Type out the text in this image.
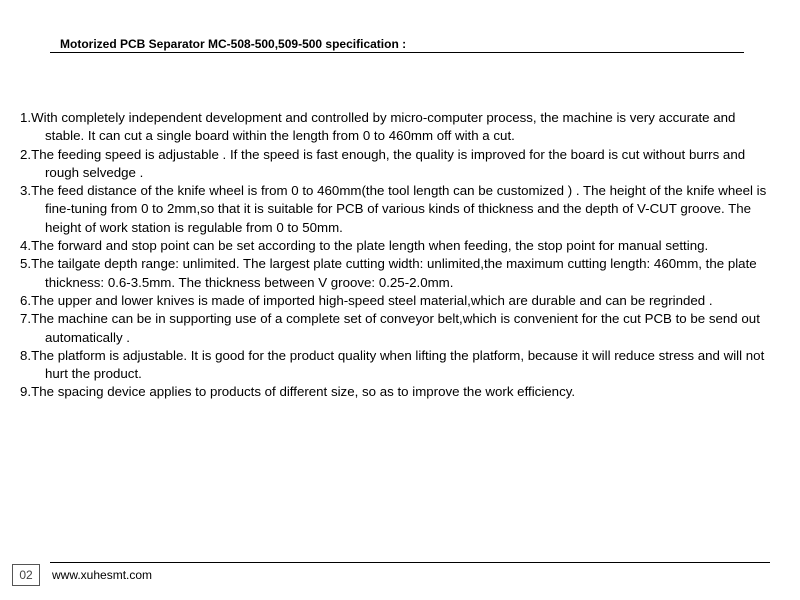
Motorized PCB Separator MC-508-500,509-500 specification :
1.With completely independent development and controlled by micro-computer process, the machine is very accurate and stable. It can cut a single board within the length from 0 to 460mm off with a cut.
2.The feeding speed is adjustable . If the speed is fast enough, the quality is improved for the board is cut without burrs and rough selvedge .
3.The feed distance of the knife wheel is from 0 to 460mm(the tool length can be customized ) . The height of the knife wheel is fine-tuning from 0 to 2mm,so that it is suitable for PCB of various kinds of thickness and the depth of V-CUT groove. The height of work station is regulable from 0 to 50mm.
4.The forward and stop point can be set according to the plate length when feeding, the stop point for manual setting.
5.The tailgate depth range: unlimited. The largest plate cutting width: unlimited,the maximum cutting length: 460mm, the plate thickness: 0.6-3.5mm. The thickness between V groove: 0.25-2.0mm.
6.The upper and lower knives is made of imported high-speed steel material,which are durable and can be regrinded .
7.The machine can be in supporting use of a complete set of conveyor belt,which is convenient for the cut PCB to be send out automatically .
8.The platform is adjustable. It is good for the product quality when lifting the platform, because it will reduce stress and will not hurt the product.
9.The spacing device applies to products of different size, so as to improve the work efficiency.
02	www.xuhesmt.com
